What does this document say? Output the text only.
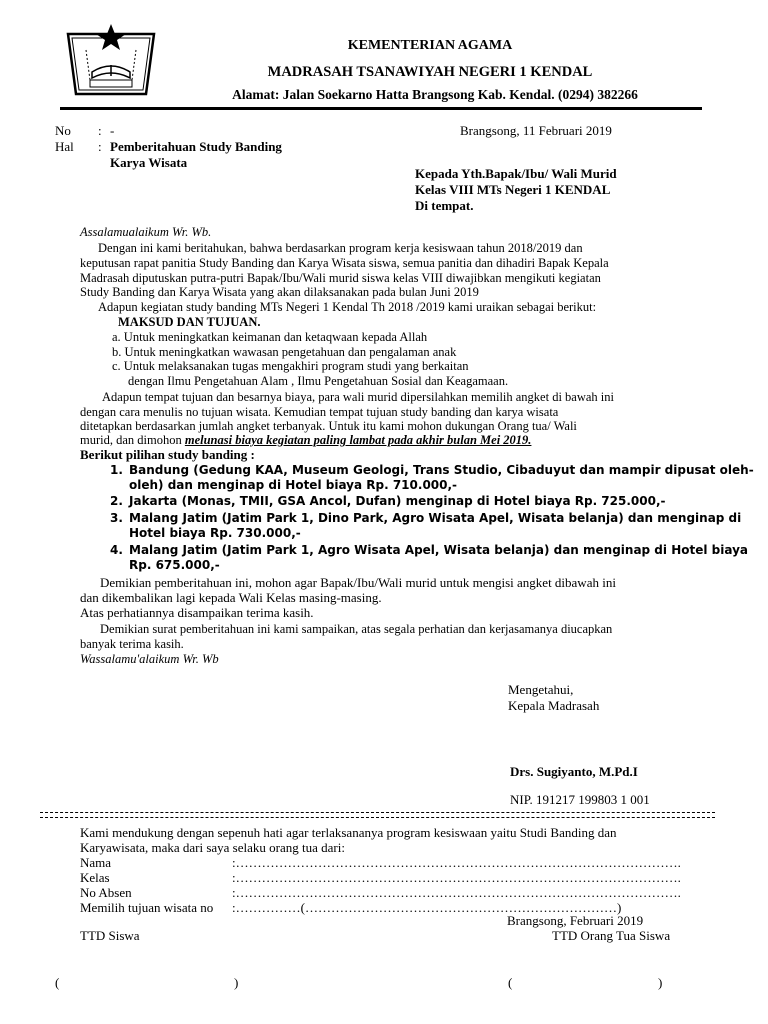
KEMENTERIAN AGAMA
MADRASAH TSANAWIYAH NEGERI 1 KENDAL
Alamat: Jalan Soekarno Hatta Brangsong Kab. Kendal. (0294) 382266
No : -
Hal : Pemberitahuan Study Banding
Karya Wisata
Brangsong, 11 Februari 2019
Kepada Yth.Bapak/Ibu/ Wali Murid
Kelas VIII MTs Negeri 1 KENDAL
Di tempat.
Assalamualaikum Wr. Wb.
Dengan ini kami beritahukan, bahwa berdasarkan program kerja kesiswaan tahun 2018/2019 dan
keputusan rapat panitia Study Banding dan Karya Wisata siswa, semua panitia dan dihadiri Bapak Kepala
Madrasah diputuskan putra-putri Bapak/Ibu/Wali murid siswa kelas VIII diwajibkan mengikuti kegiatan
Study Banding dan Karya Wisata yang akan dilaksanakan pada bulan Juni 2019
Adapun kegiatan study banding MTs Negeri 1 Kendal Th 2018 /2019 kami uraikan sebagai berikut:
MAKSUD DAN TUJUAN.
a. Untuk meningkatkan keimanan dan ketaqwaan kepada Allah
b. Untuk meningkatkan wawasan pengetahuan dan pengalaman anak
c. Untuk melaksanakan tugas mengakhiri program studi yang berkaitan
dengan Ilmu Pengetahuan Alam , Ilmu Pengetahuan Sosial dan Keagamaan.
Adapun tempat tujuan dan besarnya biaya, para wali murid dipersilahkan memilih angket di bawah ini
dengan cara menulis no tujuan wisata. Kemudian tempat tujuan study banding dan karya wisata
ditetapkan berdasarkan jumlah angket terbanyak. Untuk itu kami mohon dukungan Orang tua/ Wali
murid, dan dimohon melunasi biaya kegiatan paling lambat pada akhir bulan Mei 2019.
Berikut pilihan study banding :
1. Bandung (Gedung KAA, Museum Geologi, Trans Studio, Cibaduyut dan mampir dipusat oleh-
oleh) dan menginap di Hotel biaya Rp. 710.000,-
2. Jakarta (Monas, TMII, GSA Ancol, Dufan) menginap di Hotel biaya Rp. 725.000,-
3. Malang Jatim (Jatim Park 1, Dino Park, Agro Wisata Apel, Wisata belanja) dan menginap di
Hotel biaya Rp. 730.000,-
4. Malang Jatim (Jatim Park 1, Agro Wisata Apel, Wisata belanja) dan menginap di Hotel biaya
Rp. 675.000,-
Demikian pemberitahuan ini, mohon agar Bapak/Ibu/Wali murid untuk mengisi angket dibawah ini
dan dikembalikan lagi kepada Wali Kelas masing-masing.
Atas perhatiannya disampaikan terima kasih.
Demikian surat pemberitahuan ini kami sampaikan, atas segala perhatian dan kerjasamanya diucapkan
banyak terima kasih.
Wassalamu'alaikum Wr. Wb
Mengetahui,
Kepala Madrasah
Drs. Sugiyanto, M.Pd.I
NIP. 191217 199803 1 001
Kami mendukung dengan sepenuh hati agar terlaksananya program kesiswaan yaitu Studi Banding dan
Karyawisata, maka dari saya selaku orang tua dari:
Nama	:………………………………………………………………………………………….
Kelas	:………………………………………………………………………………………….
No Absen	:………………………………………………………………………………………….
Memilih tujuan wisata no :……………(………………………………………………………………)
Brangsong, Februari 2019
TTD Siswa	TTD Orang Tua Siswa
(	)	(	)
